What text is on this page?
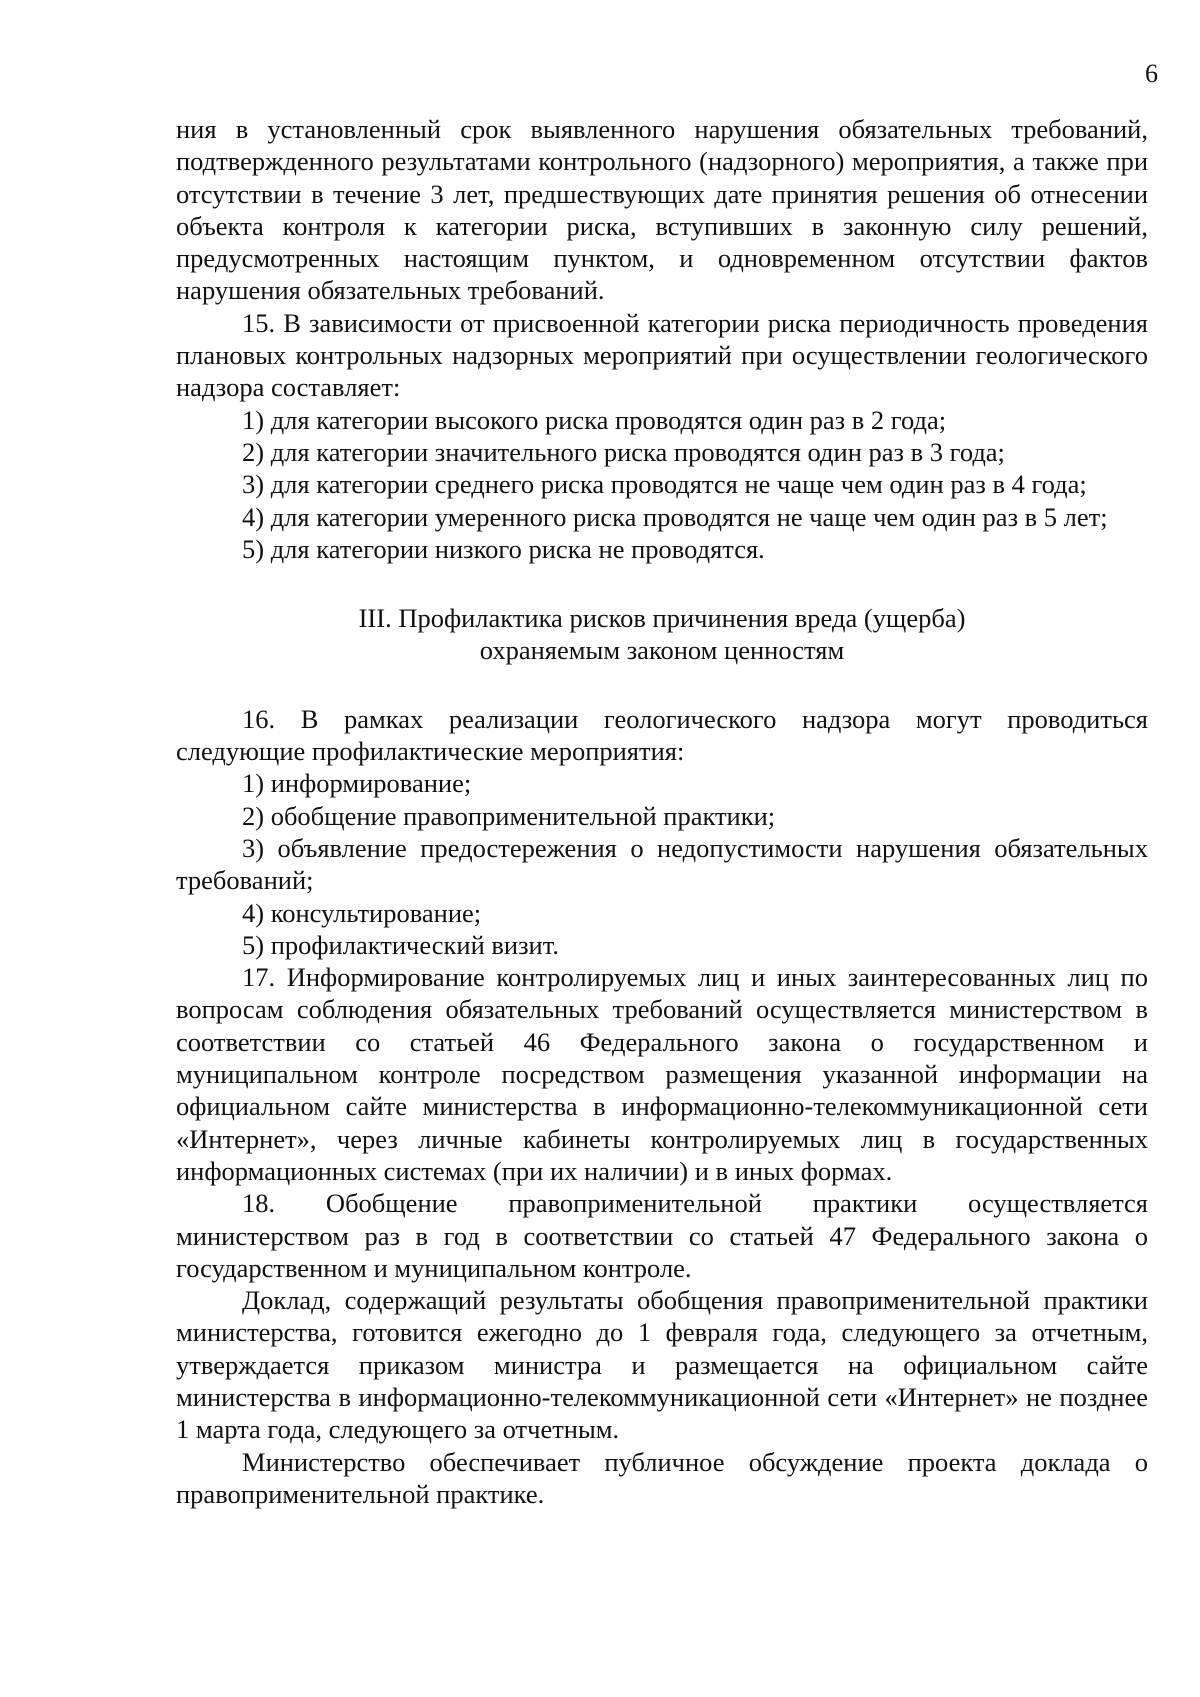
6

ния в установленный срок выявленного нарушения обязательных требований, подтвержденного результатами контрольного (надзорного) мероприятия, а также при отсутствии в течение 3 лет, предшествующих дате принятия решения об отнесении объекта контроля к категории риска, вступивших в законную силу решений, предусмотренных настоящим пунктом, и одновременном отсутствии фактов нарушения обязательных требований.

15. В зависимости от присвоенной категории риска периодичность проведения плановых контрольных надзорных мероприятий при осуществлении геологического надзора составляет:

1) для категории высокого риска проводятся один раз в 2 года;

2) для категории значительного риска проводятся один раз в 3 года;

3) для категории среднего риска проводятся не чаще чем один раз в 4 года;

4) для категории умеренного риска проводятся не чаще чем один раз в 5 лет;

5) для категории низкого риска не проводятся.

III. Профилактика рисков причинения вреда (ущерба)
охраняемым законом ценностям

16. В рамках реализации геологического надзора могут проводиться следующие профилактические мероприятия:

1) информирование;

2) обобщение правоприменительной практики;

3) объявление предостережения о недопустимости нарушения обязательных требований;

4) консультирование;

5) профилактический визит.

17. Информирование контролируемых лиц и иных заинтересованных лиц по вопросам соблюдения обязательных требований осуществляется министерством в соответствии со статьей 46 Федерального закона о государственном и муниципальном контроле посредством размещения указанной информации на официальном сайте министерства в информационно-телекоммуникационной сети «Интернет», через личные кабинеты контролируемых лиц в государственных информационных системах (при их наличии) и в иных формах.

18. Обобщение правоприменительной практики осуществляется министерством раз в год в соответствии со статьей 47 Федерального закона о государственном и муниципальном контроле.

Доклад, содержащий результаты обобщения правоприменительной практики министерства, готовится ежегодно до 1 февраля года, следующего за отчетным, утверждается приказом министра и размещается на официальном сайте министерства в информационно-телекоммуникационной сети «Интернет» не позднее 1 марта года, следующего за отчетным.

Министерство обеспечивает публичное обсуждение проекта доклада о правоприменительной практике.
